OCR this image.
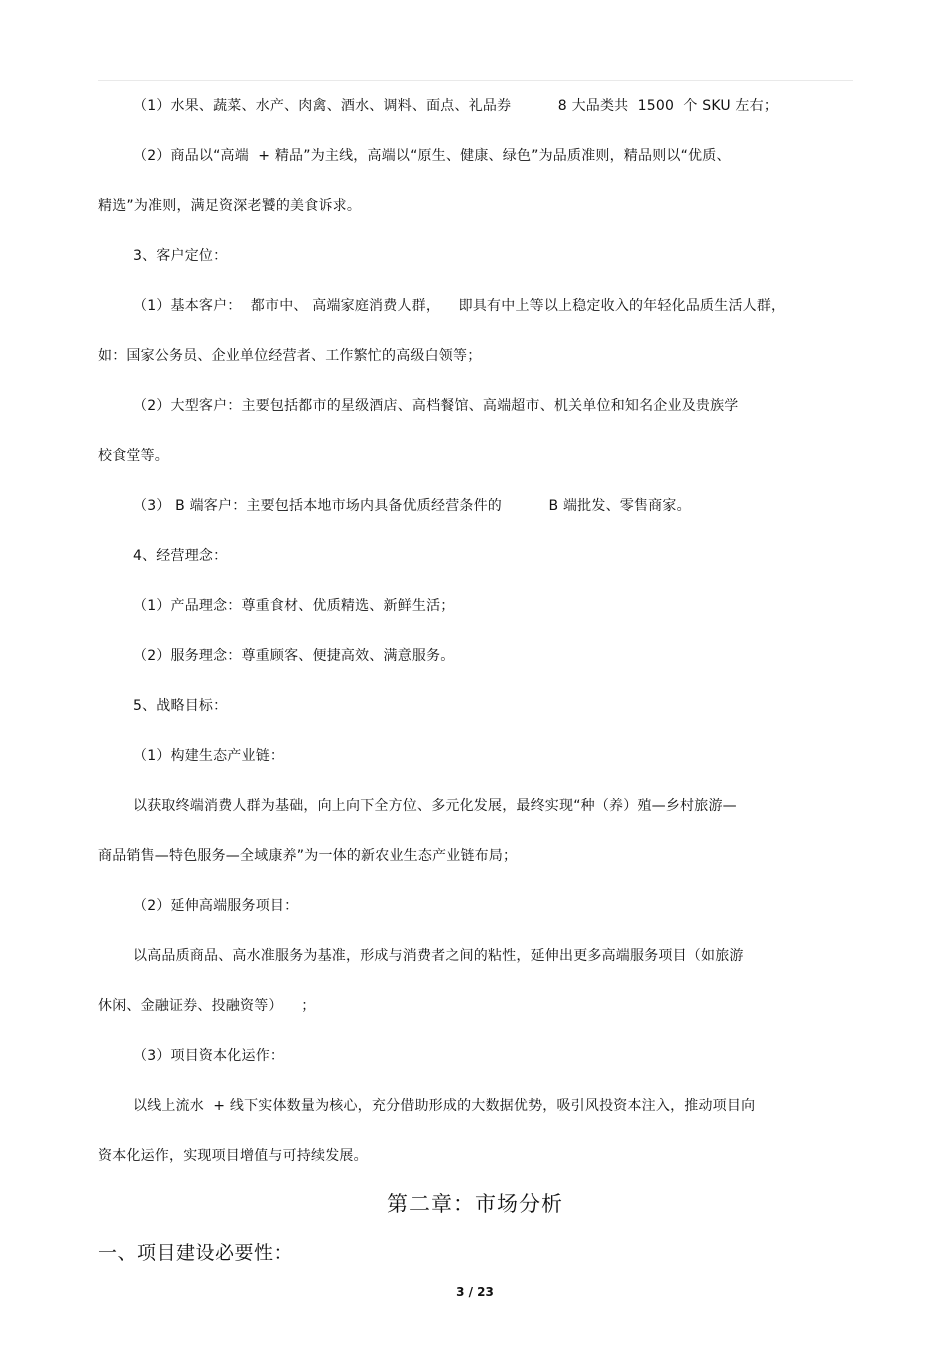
（1）水果、蔬菜、水产、肉禽、酒水、调料、面点、礼品券          8 大品类共  1500  个 SKU 左右；
（2）商品以“高端  + 精品”为主线，高端以“原生、健康、绿色”为品质准则，精品则以“优质、
精选”为准则，满足资深老饕的美食诉求。
3、客户定位：
（1）基本客户：  都市中、 高端家庭消费人群，    即具有中上等以上稳定收入的年轻化品质生活人群，
如：国家公务员、企业单位经营者、工作繁忙的高级白领等；
（2）大型客户：主要包括都市的星级酒店、高档餐馆、高端超市、机关单位和知名企业及贵族学
校食堂等。
（3） B 端客户：主要包括本地市场内具备优质经营条件的          B 端批发、零售商家。
4、经营理念：
（1）产品理念：尊重食材、优质精选、新鲜生活；
（2）服务理念：尊重顾客、便捷高效、满意服务。
5、战略目标：
（1）构建生态产业链：
以获取终端消费人群为基础，向上向下全方位、多元化发展，最终实现“种（养）殖—乡村旅游—
商品销售—特色服务—全域康养”为一体的新农业生态产业链布局；
（2）延伸高端服务项目：
以高品质商品、高水准服务为基准，形成与消费者之间的粘性，延伸出更多高端服务项目（如旅游
休闲、金融证券、投融资等）    ；
（3）项目资本化运作：
以线上流水  + 线下实体数量为核心，充分借助形成的大数据优势，吸引风投资本注入，推动项目向
资本化运作，实现项目增值与可持续发展。
第二章：市场分析
一、项目建设必要性：
3 / 23
